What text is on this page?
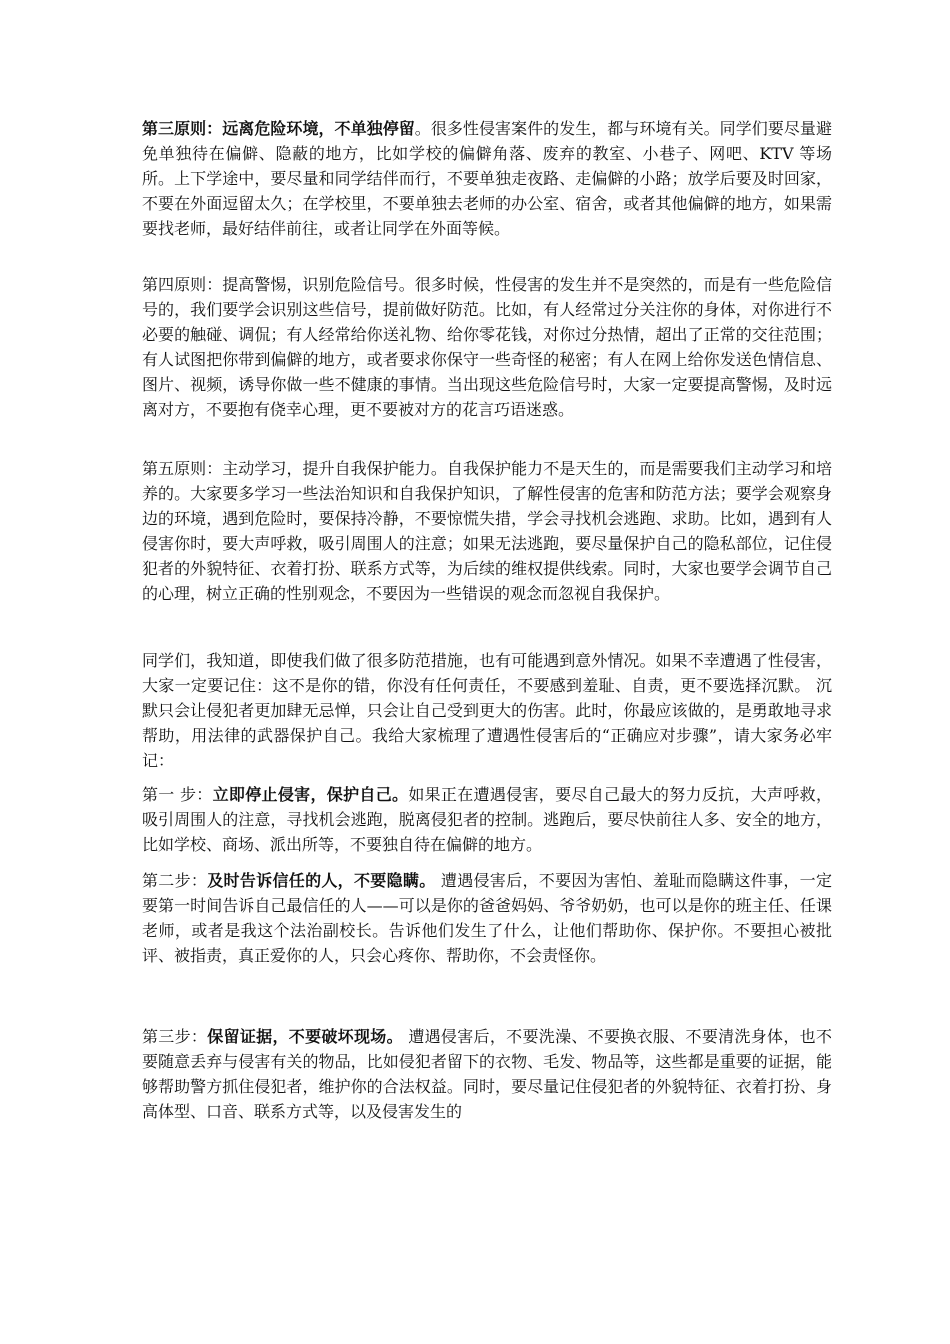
第三原则：远离危险环境，不单独停留。很多性侵害案件的发生，都与环境有关。同学们要尽量避免单独待在偏僻、隐蔽的地方，比如学校的偏僻角落、废弃的教室、小巷子、网吧、KTV 等场所。上下学途中，要尽量和同学结伴而行，不要单独走夜路、走偏僻的小路；放学后要及时回家，不要在外面逗留太久；在学校里，不要单独去老师的办公室、宿舍，或者其他偏僻的地方，如果需要找老师，最好结伴前往，或者让同学在外面等候。

第四原则：提高警惕，识别危险信号。很多时候，性侵害的发生并不是突然的，而是有一些危险信号的，我们要学会识别这些信号，提前做好防范。比如，有人经常过分关注你的身体，对你进行不必要的触碰、调侃；有人经常给你送礼物、给你零花钱，对你过分热情，超出了正常的交往范围；有人试图把你带到偏僻的地方，或者要求你保守一些奇怪的秘密；有人在网上给你发送色情信息、图片、视频，诱导你做一些不健康的事情。当出现这些危险信号时，大家一定要提高警惕，及时远离对方，不要抱有侥幸心理，更不要被对方的花言巧语迷惑。

第五原则：主动学习，提升自我保护能力。自我保护能力不是天生的，而是需要我们主动学习和培养的。大家要多学习一些法治知识和自我保护知识，了解性侵害的危害和防范方法；要学会观察身边的环境，遇到危险时，要保持冷静，不要惊慌失措，学会寻找机会逃跑、求助。比如，遇到有人侵害你时，要大声呼救，吸引周围人的注意；如果无法逃跑，要尽量保护自己的隐私部位，记住侵犯者的外貌特征、衣着打扮、联系方式等，为后续的维权提供线索。同时，大家也要学会调节自己的心理，树立正确的性别观念，不要因为一些错误的观念而忽视自我保护。

同学们，我知道，即使我们做了很多防范措施，也有可能遇到意外情况。如果不幸遭遇了性侵害，大家一定要记住：这不是你的错，你没有任何责任，不要感到羞耻、自责，更不要选择沉默。 沉默只会让侵犯者更加肆无忌惮，只会让自己受到更大的伤害。此时，你最应该做的，是勇敢地寻求帮助，用法律的武器保护自己。我给大家梳理了遭遇性侵害后的“正确应对步骤”，请大家务必牢记：

第一 步：立即停止侵害，保护自己。如果正在遭遇侵害，要尽自己最大的努力反抗，大声呼救，吸引周围人的注意，寻找机会逃跑，脱离侵犯者的控制。逃跑后，要尽快前往人多、安全的地方，比如学校、商场、派出所等，不要独自待在偏僻的地方。

第二步：及时告诉信任的人，不要隐瞒。 遭遇侵害后，不要因为害怕、羞耻而隐瞒这件事，一定要第一时间告诉自己最信任的人——可以是你的爸爸妈妈、爷爷奶奶，也可以是你的班主任、任课老师，或者是我这个法治副校长。告诉他们发生了什么，让他们帮助你、保护你。不要担心被批评、被指责，真正爱你的人，只会心疼你、帮助你，不会责怪你。

第三步：保留证据，不要破坏现场。 遭遇侵害后，不要洗澡、不要换衣服、不要清洗身体，也不要随意丢弃与侵害有关的物品，比如侵犯者留下的衣物、毛发、物品等，这些都是重要的证据，能够帮助警方抓住侵犯者，维护你的合法权益。同时，要尽量记住侵犯者的外貌特征、衣着打扮、身高体型、口音、联系方式等，以及侵害发生的
